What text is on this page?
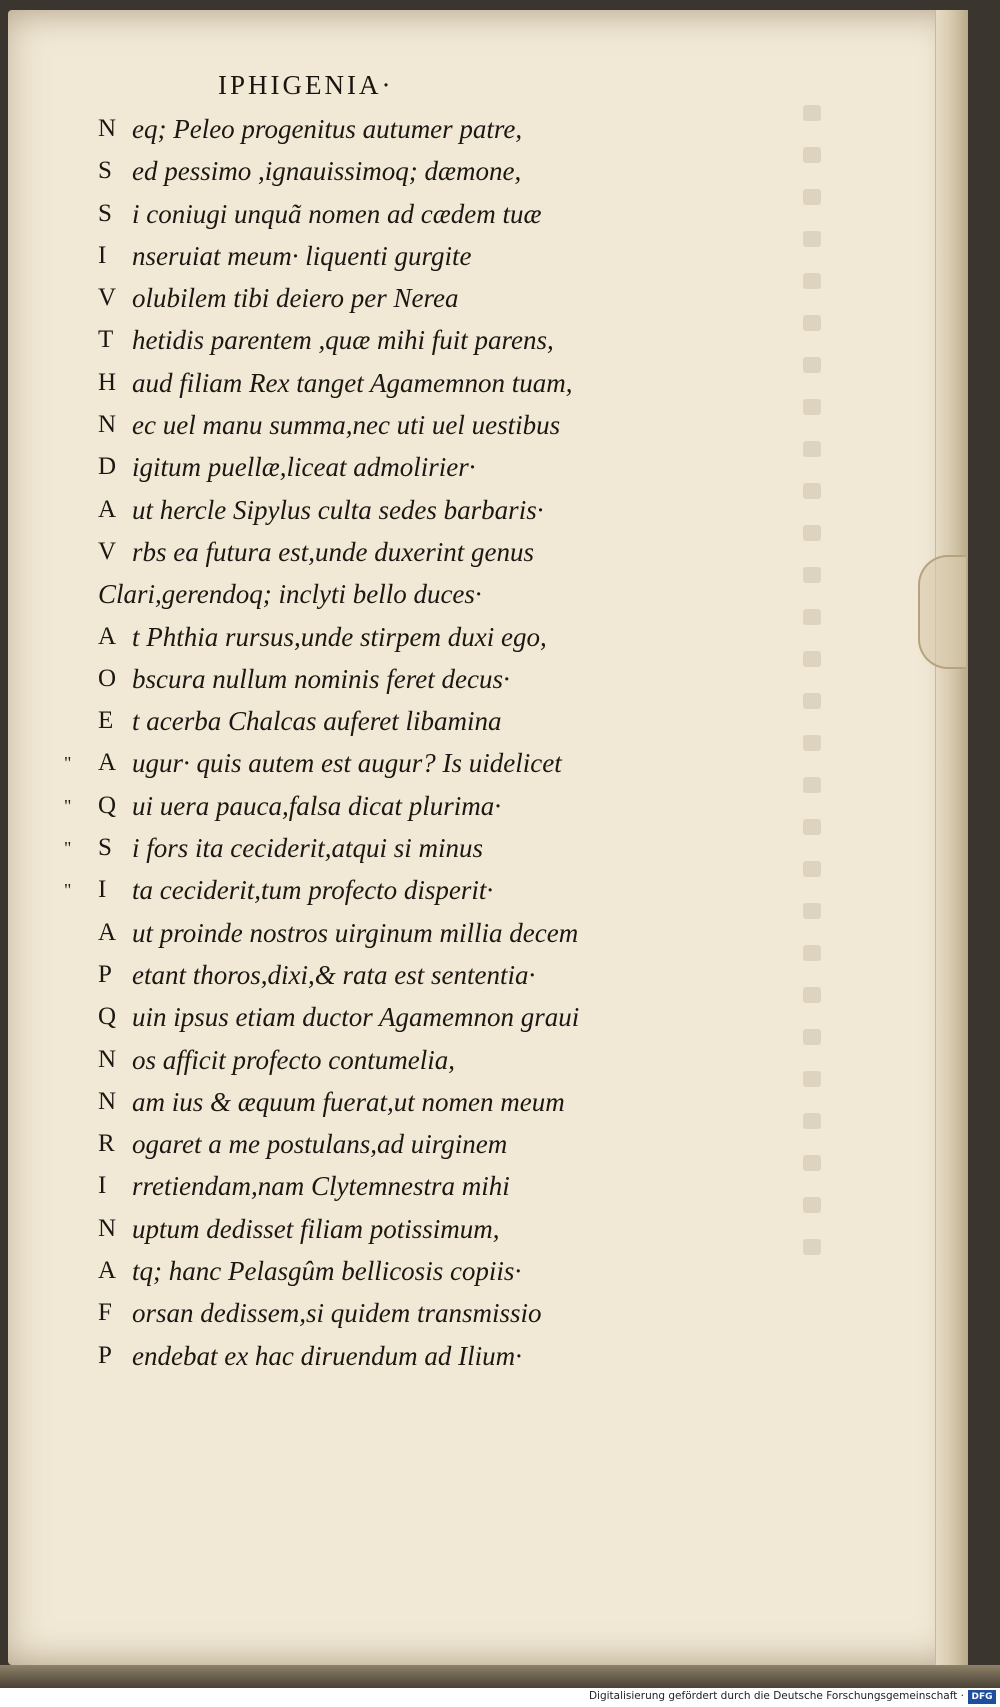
IPHIGENIA·
N eq; Peleo progenitus autumer patre,
S ed pessimo ,ignauissimoq; dæmone,
S i coniugi unquã nomen ad cædem tuæ
I nseruiat meum· liquenti gurgite
V olubilem tibi deiero per Nerea
T hetidis parentem ,quæ mihi fuit parens,
H aud filiam Rex tanget Agamemnon tuam,
N ec uel manu summa,nec uti uel uestibus
D igitum puellæ,liceat admolirier·
A ut hercle Sipylus culta sedes barbaris·
V rbs ea futura est,unde duxerint genus
Clari,gerendoq; inclyti bello duces·
A t Phthia rursus,unde stirpem duxi ego,
O bscura nullum nominis feret decus·
E t acerba Chalcas auferet libamina
" A ugur· quis autem est augur? Is uidelicet
" Q ui uera pauca,falsa dicat plurima·
" S i fors ita ceciderit,atqui si minus
" I ta ceciderit,tum profecto disperit·
A ut proinde nostros uirginum millia decem
P etant thoros,dixi,& rata est sententia·
Q uin ipsus etiam ductor Agamemnon graui
N os afficit profecto contumelia,
N am ius & æquum fuerat,ut nomen meum
R ogaret a me postulans,ad uirginem
I rretiendam,nam Clytemnestra mihi
N uptum dedisset filiam potissimum,
A tq; hanc Pelasgûm bellicosis copiis·
F orsan dedissem,si quidem transmissio
P endebat ex hac diruendum ad Ilium·
Digitalisierung gefördert durch die Deutsche Forschungsgemeinschaft · DFG
